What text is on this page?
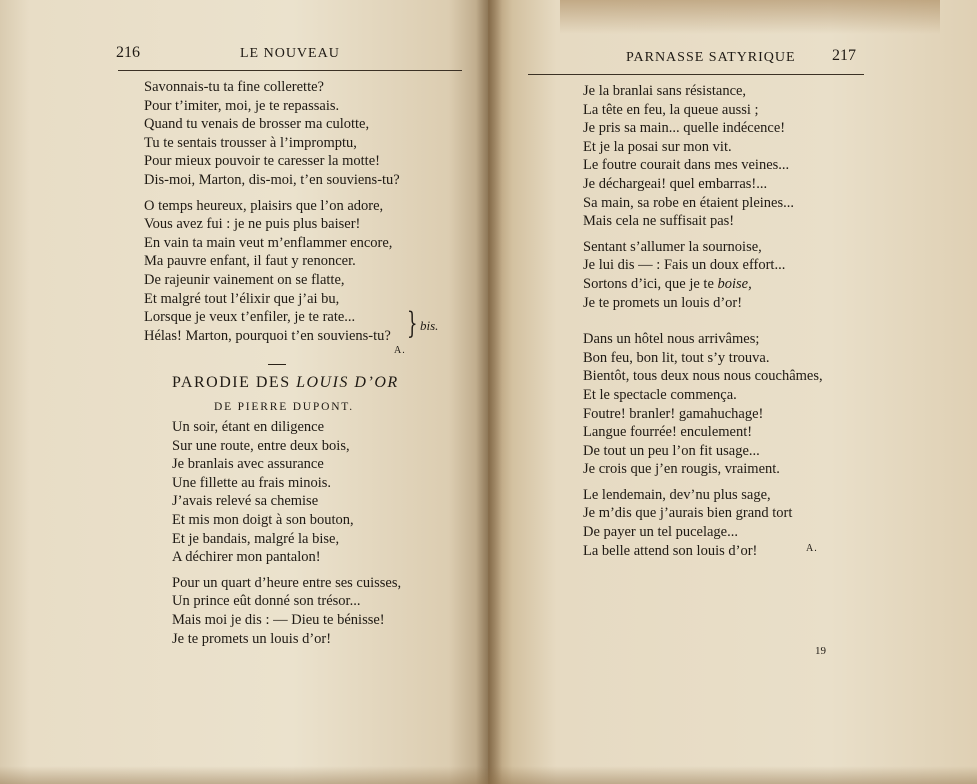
216	LE NOUVEAU
Savonnais-tu ta fine collerette?
Pour t’imiter, moi, je te repassais.
Quand tu venais de brosser ma culotte,
Tu te sentais trousser à l’impromptu,
Pour mieux pouvoir te caresser la motte!
Dis-moi, Marton, dis-moi, t’en souviens-tu?
O temps heureux, plaisirs que l’on adore,
Vous avez fui : je ne puis plus baiser!
En vain ta main veut m’enflammer encore,
Ma pauvre enfant, il faut y renoncer.
De rajeunir vainement on se flatte,
Et malgré tout l’élixir que j’ai bu,
Lorsque je veux t’enfiler, je te rate...
Hélas! Marton, pourquoi t’en souviens-tu? } bis.
A.
PARODIE DES LOUIS D’OR
DE PIERRE DUPONT.
Un soir, étant en diligence
Sur une route, entre deux bois,
Je branlais avec assurance
Une fillette au frais minois.
J’avais relevé sa chemise
Et mis mon doigt à son bouton,
Et je bandais, malgré la bise,
A déchirer mon pantalon!
Pour un quart d’heure entre ses cuisses,
Un prince eût donné son trésor...
Mais moi je dis : — Dieu te bénisse!
Je te promets un louis d’or!
PARNASSE SATYRIQUE 217
Je la branlai sans résistance,
La tête en feu, la queue aussi ;
Je pris sa main... quelle indécence!
Et je la posai sur mon vit.
Le foutre courait dans mes veines...
Je déchargeai! quel embarras!...
Sa main, sa robe en étaient pleines...
Mais cela ne suffisait pas!
Sentant s’allumer la sournoise,
Je lui dis — : Fais un doux effort...
Sortons d’ici, que je te boise,
Je te promets un louis d’or!
Dans un hôtel nous arrivâmes;
Bon feu, bon lit, tout s’y trouva.
Bientôt, tous deux nous nous couchâmes,
Et le spectacle commença.
Foutre! branler! gamahuchage!
Langue fourrée! enculement!
De tout un peu l’on fit usage...
Je crois que j’en rougis, vraiment.
Le lendemain, dev’nu plus sage,
Je m’dis que j’aurais bien grand tort
De payer un tel pucelage...
La belle attend son louis d’or!	A.
19
